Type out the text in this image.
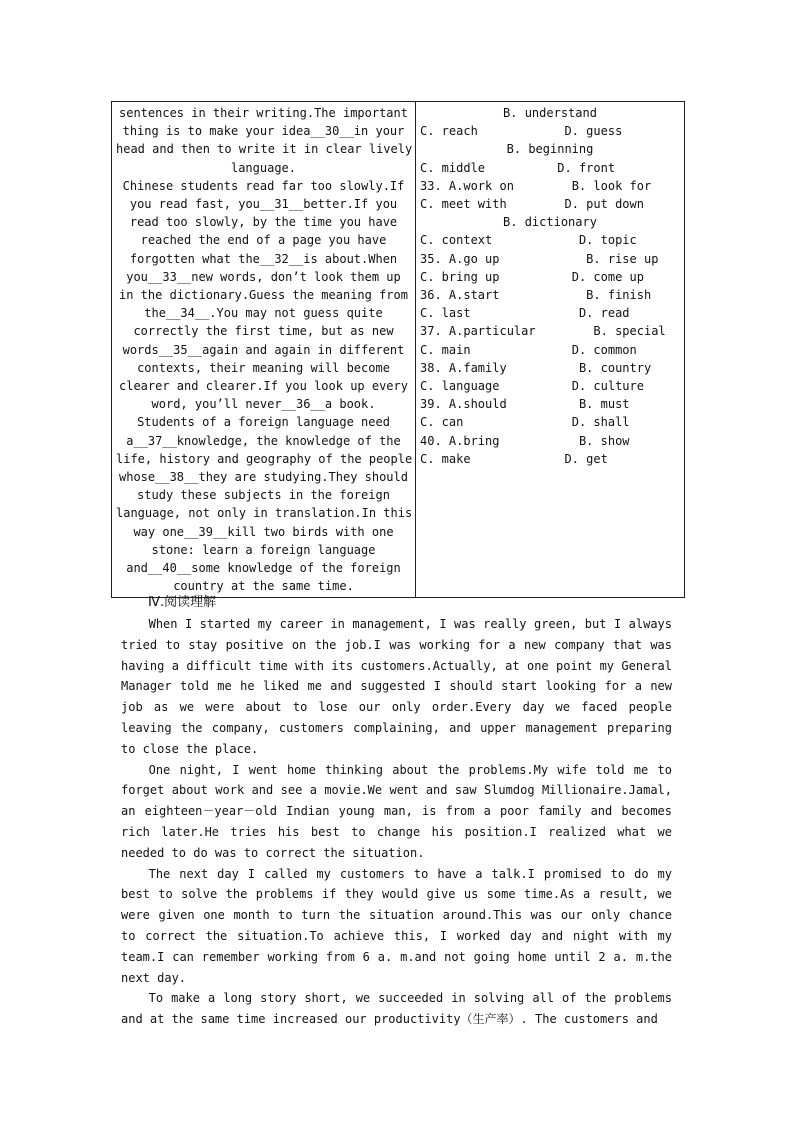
sentences in their writing.The important
thing is to make your idea__30__in your
head and then to write it in clear lively
language.
Chinese students read far too slowly.If
you read fast, you__31__better.If you
read too slowly, by the time you have
reached the end of a page you have
forgotten what the__32__is about.When
you__33__new words, don’t look them up
in the dictionary.Guess the meaning from
the__34__.You may not guess quite
correctly the first time, but as new
words__35__again and again in different
contexts, their meaning will become
clearer and clearer.If you look up every
word, you’ll never__36__a book.
Students of a foreign language need
a__37__knowledge, the knowledge of the
life, history and geography of the people
whose__38__they are studying.They should
study these subjects in the foreign
language, not only in translation.In this
way one__39__kill two birds with one
stone: learn a foreign language
and__40__some knowledge of the foreign
country at the same time.

B. understand
C. reach            D. guess
B. beginning
C. middle          D. front
33. A.work on        B. look for
C. meet with        D. put down
B. dictionary
C. context            D. topic
35. A.go up            B. rise up
C. bring up          D. come up
36. A.start            B. finish
C. last               D. read
37. A.particular        B. special
C. main              D. common
38. A.family          B. country
C. language          D. culture
39. A.should          B. must
C. can               D. shall
40. A.bring           B. show
C. make             D. get
Ⅳ.阅读理解

When I started my career in management, I was really green, but I always tried to stay positive on the job.I was working for a new company that was having a difficult time with its customers.Actually, at one point my General Manager told me he liked me and suggested I should start looking for a new job as we were about to lose our only order.Every day we faced people leaving the company, customers complaining, and upper management preparing to close the place.

One night, I went home thinking about the problems.My wife told me to forget about work and see a movie.We went and saw Slumdog Millionaire.Jamal, an eighteen－year－old Indian young man, is from a poor family and becomes rich later.He tries his best to change his position.I realized what we needed to do was to correct the situation.

The next day I called my customers to have a talk.I promised to do my best to solve the problems if they would give us some time.As a result, we were given one month to turn the situation around.This was our only chance to correct the situation.To achieve this, I worked day and night with my team.I can remember working from 6 a. m.and not going home until 2 a. m.the next day.

To make a long story short, we succeeded in solving all of the problems and at the same time increased our productivity（生产率）. The customers and
